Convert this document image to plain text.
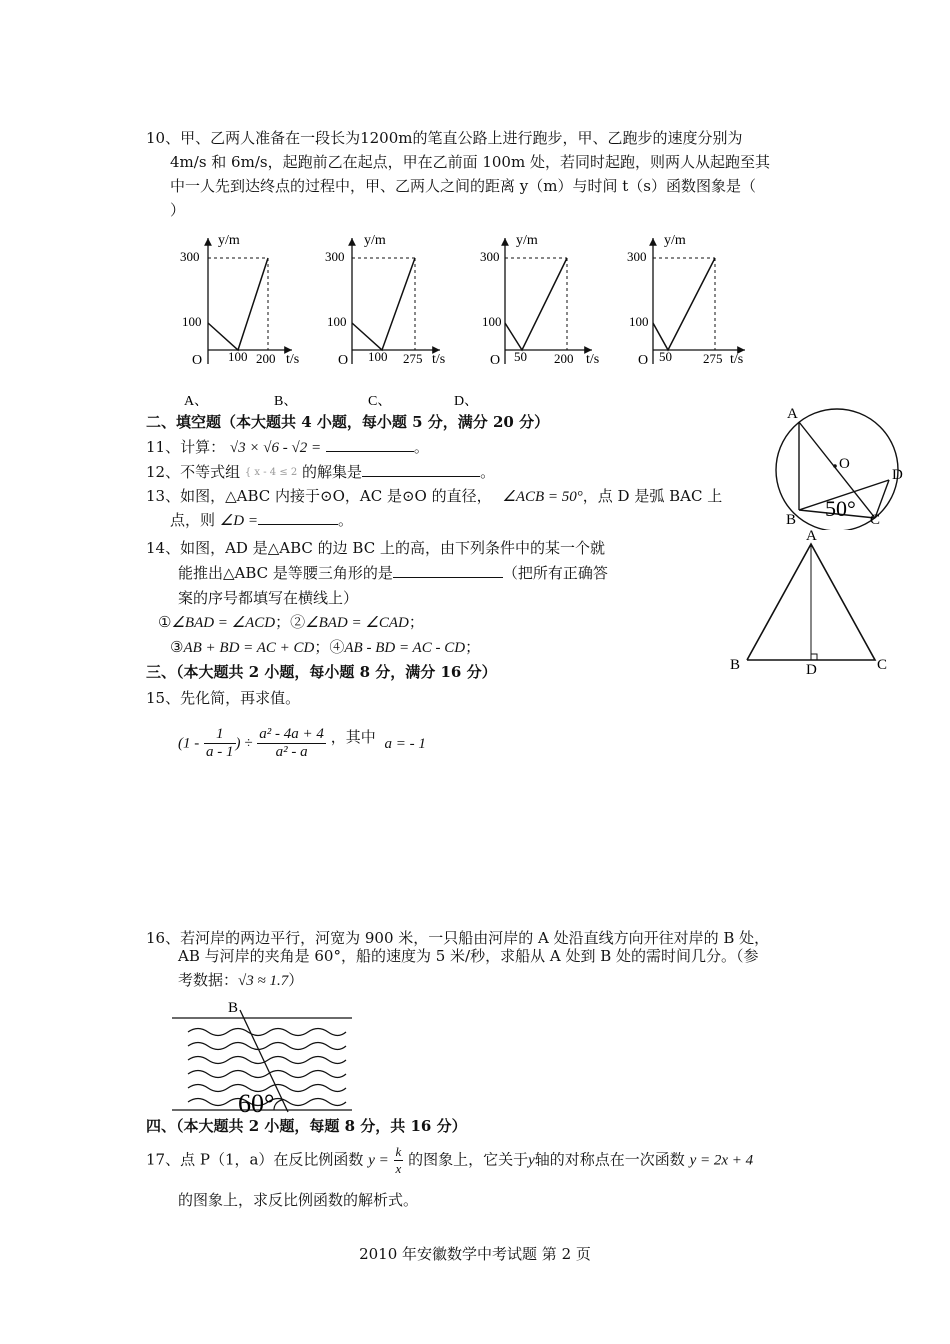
10、甲、乙两人准备在一段长为1200m的笔直公路上进行跑步，甲、乙跑步的速度分别为
4m/s 和 6m/s，起跑前乙在起点，甲在乙前面 100m 处，若同时起跑，则两人从起跑至其
中一人先到达终点的过程中，甲、乙两人之间的距离 y（m）与时间 t（s）函数图象是（
）
y/m
300
100
O 100 200 t/s
A、
y/m
300
100
O 100 275 t/s
B、
y/m
300
100
O 50 200 t/s
C、
y/m
300
100
O 50 275 t/s
D、
二、填空题（本大题共 4 小题，每小题 5 分，满分 20 分）
11、计算： √3 × √6 - √2 =	。
12、不等式组 { x - 4 ≤ 2 的解集是	。
13、如图，△ABC 内接于⊙O，AC 是⊙O 的直径， ∠ACB = 50°，点 D 是弧 BAC 上
点，则 ∠D =	。
A
O
D
B	C
50°
14、如图，AD 是△ABC 的边 BC 上的高，由下列条件中的某一个就
能推出△ABC 是等腰三角形的是	（把所有正确答
案的序号都填写在横线上）
①∠BAD = ∠ACD；②∠BAD = ∠CAD；
③AB + BD = AC + CD；④AB - BD = AC - CD；
A
B	D	C
三、（本大题共 2 小题，每小题 8 分，满分 16 分）
15、先化简，再求值。
($1 - \frac{1}{a - 1}$ ) ÷ $\frac{\text{a² - 4a + 4}}{\text{a² - a}}$ ，其中 a = - 1
16、若河岸的两边平行，河宽为 900 米，一只船由河岸的 A 处沿直线方向开往对岸的 B 处，
AB 与河岸的夹角是 60°，船的速度为 5 米/秒，求船从 A 处到 B 处的需时间几分。（参
考数据：√3 ≈ 1.7）
B
60°
四、（本大题共 2 小题，每题 8 分，共 16 分）
17、点 P（1，a）在反比例函数 $y = \frac{k}{x}$ 的图象上，它关于y轴的对称点在一次函数 y = 2x + 4
的图象上，求反比例函数的解析式。
2010 年安徽数学中考试题 第 2 页
